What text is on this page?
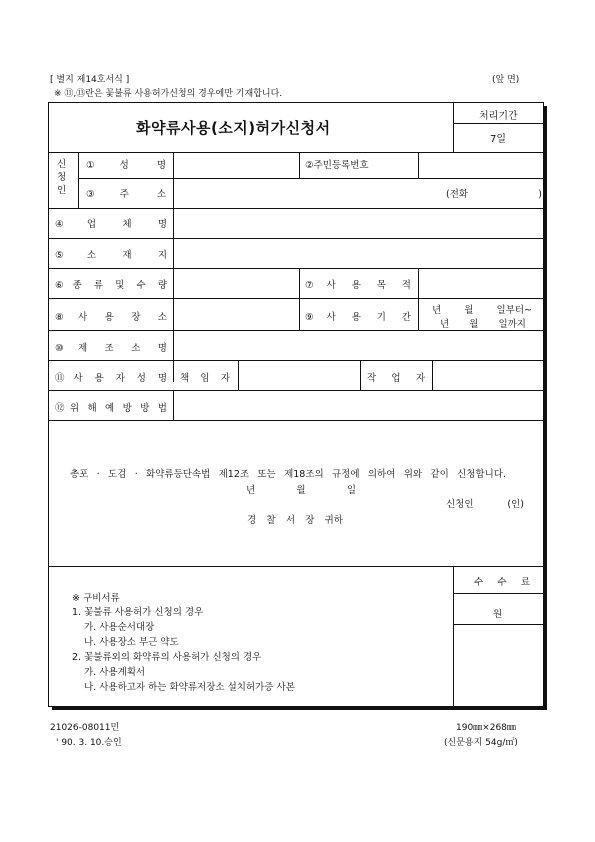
[ 별지 제14호서식 ]	(앞 면)
※ ⑪,⑬란은 꽃불류 사용허가신청의 경우에만 기재합니다.
화약류사용(소지)허가신청서
처리기간
7일
신
청
인
①성 명	②주민등록번호
③주 소	(전화 )
④업 체 명
⑤소 재 지
⑥종 류 및 수 량	⑦사 용 목 적
⑧사 용 장 소	⑨사 용 기 간
년 월 일부터~
년 월 일까지
⑩제 조 소 명
⑪사 용 자 성 명 책 임 자	작 업 자
⑫위 해 예 방 방 법
총포 · 도검 · 화약류등단속법 제12조 또는 제18조의 규정에 의하여 위와 같이 신청합니다.
년 월 일
신청인 (인)
경 찰 서 장 귀하
수 수 료
원
※ 구비서류
1. 꽃불류 사용허가 신청의 경우
가. 사용순서대장
나. 사용장소 부근 약도
2. 꽃불류외의 화약류의 사용허가 신청의 경우
가. 사용계획서
나. 사용하고자 하는 화약류저장소 설치허가증 사본
21026-08011민
' 90. 3. 10.승인
190㎜×268㎜
(신문용지 54g/㎡)
